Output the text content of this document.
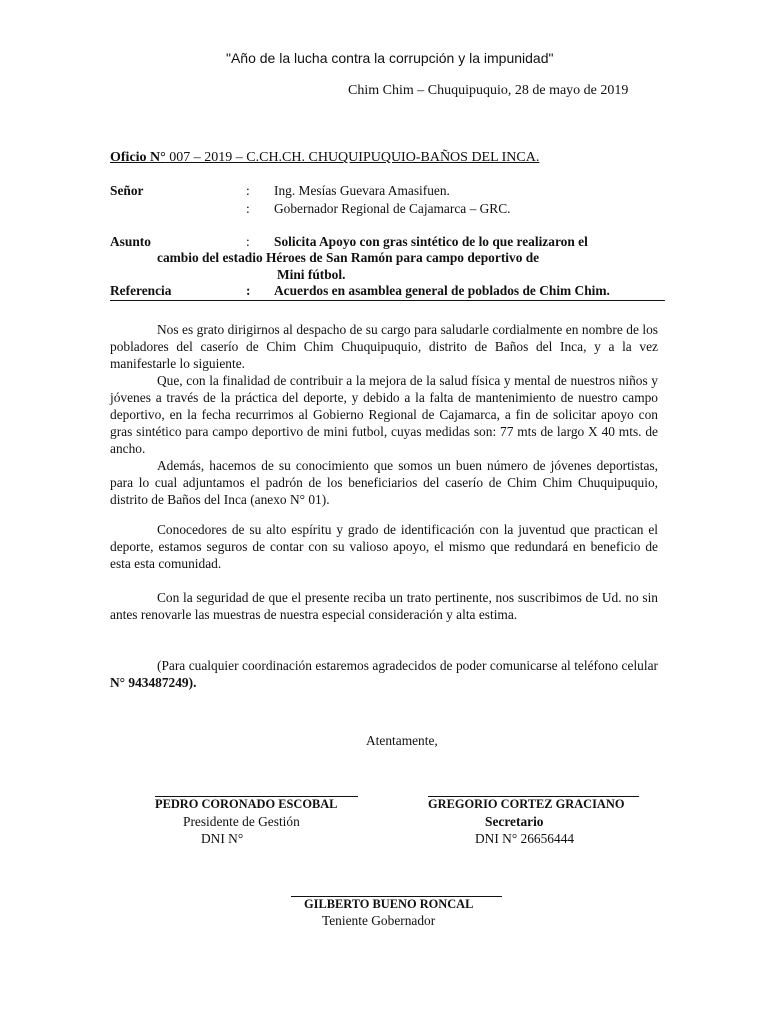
"Año de la lucha contra la corrupción y la impunidad"
Chim Chim – Chuquipuquio, 28 de mayo de 2019
Oficio N° 007 – 2019 – C.CH.CH. CHUQUIPUQUIO-BAÑOS DEL INCA.
Señor	: Ing. Mesías Guevara Amasifuen.
: Gobernador Regional de Cajamarca – GRC.
Asunto	: Solicita Apoyo con gras sintético de lo que realizaron el
cambio del estadio Héroes de San Ramón para campo deportivo de
Mini fútbol.
Referencia	: Acuerdos en asamblea general de poblados de Chim Chim.

Nos es grato dirigirnos al despacho de su cargo para saludarle cordialmente en nombre de los pobladores del caserío de Chim Chim Chuquipuquio, distrito de Baños del Inca, y a la vez manifestarle lo siguiente.

Que, con la finalidad de contribuir a la mejora de la salud física y mental de nuestros niños y jóvenes a través de la práctica del deporte, y debido a la falta de mantenimiento de nuestro campo deportivo, en la fecha recurrimos al Gobierno Regional de Cajamarca, a fin de solicitar apoyo con gras sintético para campo deportivo de mini futbol, cuyas medidas son: 77 mts de largo X 40 mts. de ancho.

Además, hacemos de su conocimiento que somos un buen número de jóvenes deportistas, para lo cual adjuntamos el padrón de los beneficiarios del caserío de Chim Chim Chuquipuquio, distrito de Baños del Inca (anexo N° 01).

Conocedores de su alto espíritu y grado de identificación con la juventud que practican el deporte, estamos seguros de contar con su valioso apoyo, el mismo que redundará en beneficio de esta esta comunidad.

Con la seguridad de que el presente reciba un trato pertinente, nos suscribimos de Ud. no sin antes renovarle las muestras de nuestra especial consideración y alta estima.

(Para cualquier coordinación estaremos agradecidos de poder comunicarse al teléfono celular N° 943487249).

Atentamente,
PEDRO CORONADO ESCOBAL
Presidente de Gestión
DNI N°
GREGORIO CORTEZ GRACIANO
Secretario
DNI N° 26656444
GILBERTO BUENO RONCAL
Teniente Gobernador
